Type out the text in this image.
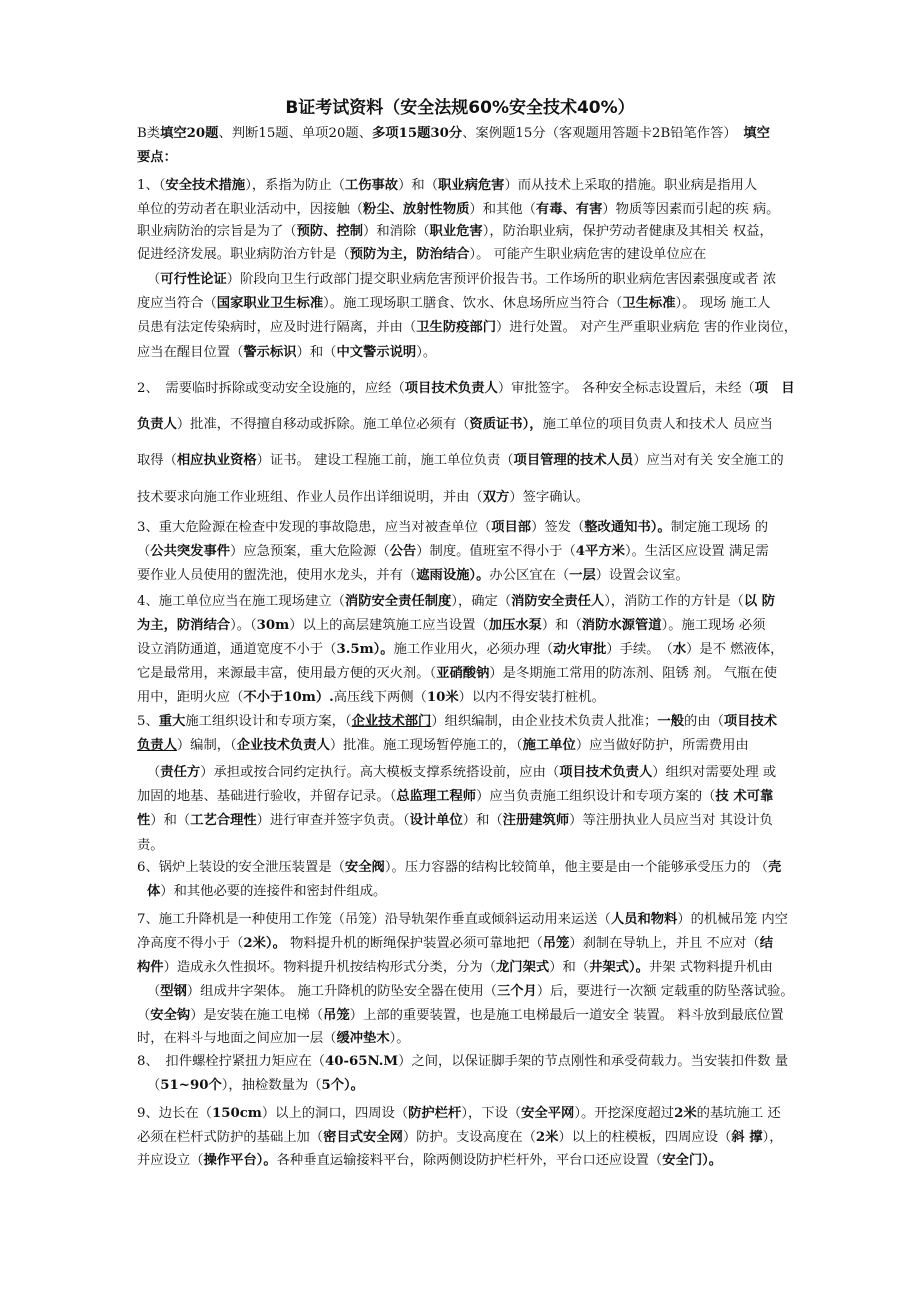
B证考试资料（安全法规60%安全技术40%）
B类填空20题、判断15题、单项20题、多项15题30分、案例题15分（客观题用答题卡2B铅笔作答）　填空
要点：
1、（安全技术措施），系指为防止（工伤事故）和（职业病危害）而从技术上采取的措施。职业病是指用人
单位的劳动者在职业活动中，因接触（粉尘、放射性物质）和其他（有毒、有害）物质等因素而引起的疾 病。
职业病防治的宗旨是为了（预防、控制）和消除（职业危害），防治职业病，保护劳动者健康及其相关 权益，
促进经济发展。职业病防治方针是（预防为主，防治结合）。 可能产生职业病危害的建设单位应在
（可行性论证）阶段向卫生行政部门提交职业病危害预评价报告书。工作场所的职业病危害因素强度或者 浓
度应当符合（国家职业卫生标准）。施工现场职工膳食、饮水、休息场所应当符合（卫生标准）。 现场 施工人
员患有法定传染病时，应及时进行隔离，并由（卫生防疫部门）进行处置。 对产生严重职业病危 害的作业岗位，
应当在醒目位置（警示标识）和（中文警示说明）。
2、　需要临时拆除或变动安全设施的，应经（项目技术负责人）审批签字。 各种安全标志设置后，未经（项　目
负责人）批准，不得擅自移动或拆除。施工单位必须有（资质证书），施工单位的项目负责人和技术人 员应当
取得（相应执业资格）证书。 建设工程施工前，施工单位负责（项目管理的技术人员）应当对有关 安全施工的
技术要求向施工作业班组、作业人员作出详细说明，并由（双方）签字确认。
3、重大危险源在检查中发现的事故隐患，应当对被查单位（项目部）签发（整改通知书）。制定施工现场 的
（公共突发事件）应急预案，重大危险源（公告）制度。值班室不得小于（4平方米）。生活区应设置 满足需
要作业人员使用的盥洗池，使用水龙头，并有（遮雨设施）。办公区宜在（一层）设置会议室。
4、施工单位应当在施工现场建立（消防安全责任制度），确定（消防安全责任人），消防工作的方针是（以 防
为主，防消结合）。（30m）以上的高层建筑施工应当设置（加压水泵）和（消防水源管道）。施工现场 必须
设立消防通道，通道宽度不小于（3.5m）。施工作业用火，必须办理（动火审批）手续。　（水）是不 燃液体，
它是最常用，来源最丰富，使用最方便的灭火剂。（亚硝酸钠）是冬期施工常用的防冻剂、阻锈 剂。 气瓶在使
用中，距明火应（不小于10m）.高压线下两侧（10米）以内不得安装打桩机。
5、重大施工组织设计和专项方案，（企业技术部门）组织编制，由企业技术负责人批准；一般的由（项目技术
负责人）编制，（企业技术负责人）批准。施工现场暂停施工的，（施工单位）应当做好防护，所需费用由
（责任方）承担或按合同约定执行。高大模板支撑系统搭设前，应由（项目技术负责人）组织对需要处理 或
加固的地基、基础进行验收，并留存记录。（总监理工程师）应当负责施工组织设计和专项方案的（技 术可靠
性）和（工艺合理性）进行审查并签字负责。（设计单位）和（注册建筑师）等注册执业人员应当对 其设计负
责。
6、锅炉上装设的安全泄压装置是（安全阀）。压力容器的结构比较简单，他主要是由一个能够承受压力的 （壳
体）和其他必要的连接件和密封件组成。
7、施工升降机是一种使用工作笼（吊笼）沿导轨架作垂直或倾斜运动用来运送（人员和物料）的机械吊笼 内空
净高度不得小于（2米）。 物料提升机的断绳保护装置必须可靠地把（吊笼）刹制在导轨上，并且 不应对（结
构件）造成永久性损坏。物料提升机按结构形式分类，分为（龙门架式）和（井架式）。井架 式物料提升机由
（型钢）组成井字架体。 施工升降机的防坠安全器在使用（三个月）后，要进行一次额 定载重的防坠落试验。
（安全钩）是安装在施工电梯（吊笼）上部的重要装置，也是施工电梯最后一道安全 装置。 料斗放到最底位置
时，在料斗与地面之间应加一层（缓冲垫木）。
8、　扣件螺栓拧紧扭力矩应在（40-65N.M）之间，以保证脚手架的节点刚性和承受荷载力。当安装扣件数 量
（51~90个），抽检数量为（5个）。
9、边长在（150cm）以上的洞口，四周设（防护栏杆），下设（安全平网）。开挖深度超过2米的基坑施工 还
必须在栏杆式防护的基础上加（密目式安全网）防护。支设高度在（2米）以上的柱模板，四周应设（斜 撑），
并应设立（操作平台）。各种垂直运输接料平台，除两侧设防护栏杆外，平台口还应设置（安全门）。
